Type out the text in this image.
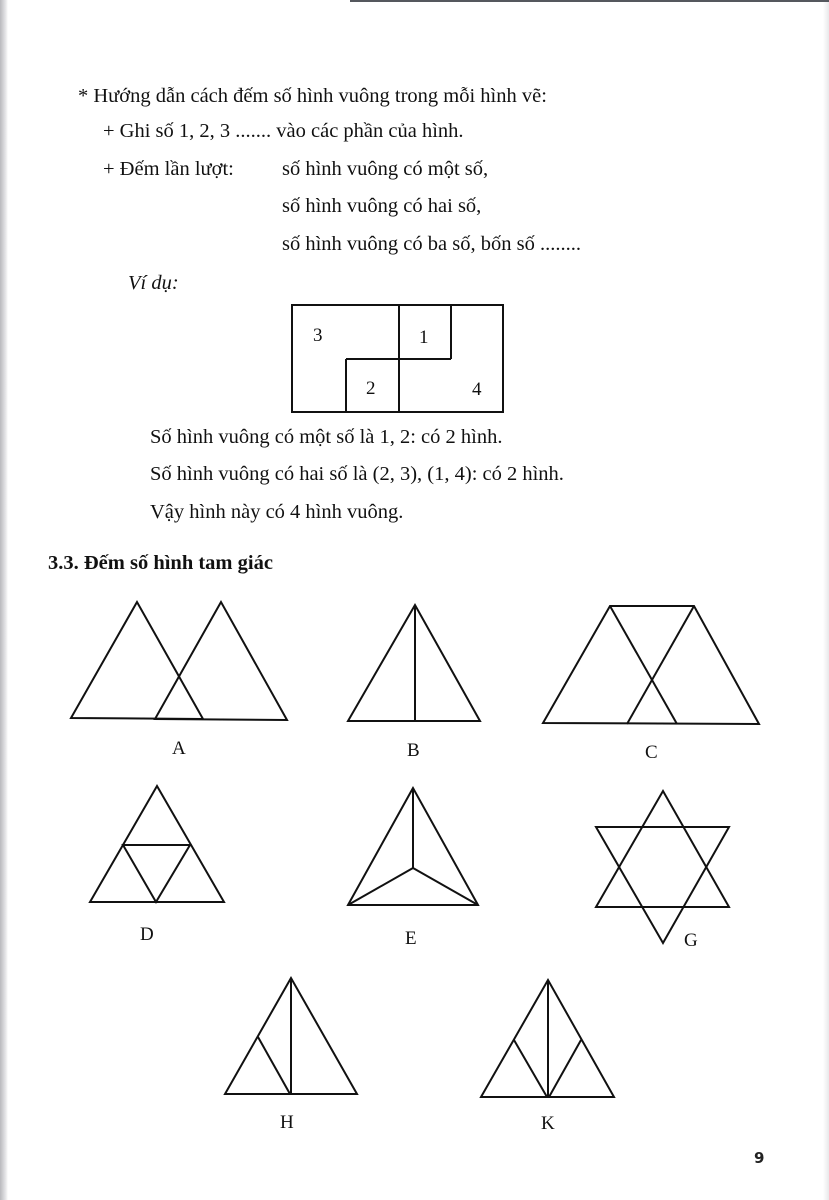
* Hướng dẫn cách đếm số hình vuông trong mỗi hình vẽ:
+ Ghi số 1, 2, 3 ....... vào các phần của hình.
+ Đếm lần lượt: số hình vuông có một số,
số hình vuông có hai số,
số hình vuông có ba số, bốn số ........
Ví dụ:
3	1
2	4
Số hình vuông có một số là 1, 2: có 2 hình.
Số hình vuông có hai số là (2, 3), (1, 4): có 2 hình.
Vậy hình này có 4 hình vuông.
3.3. Đếm số hình tam giác
A	B	C
D	E	G
H	K
9
